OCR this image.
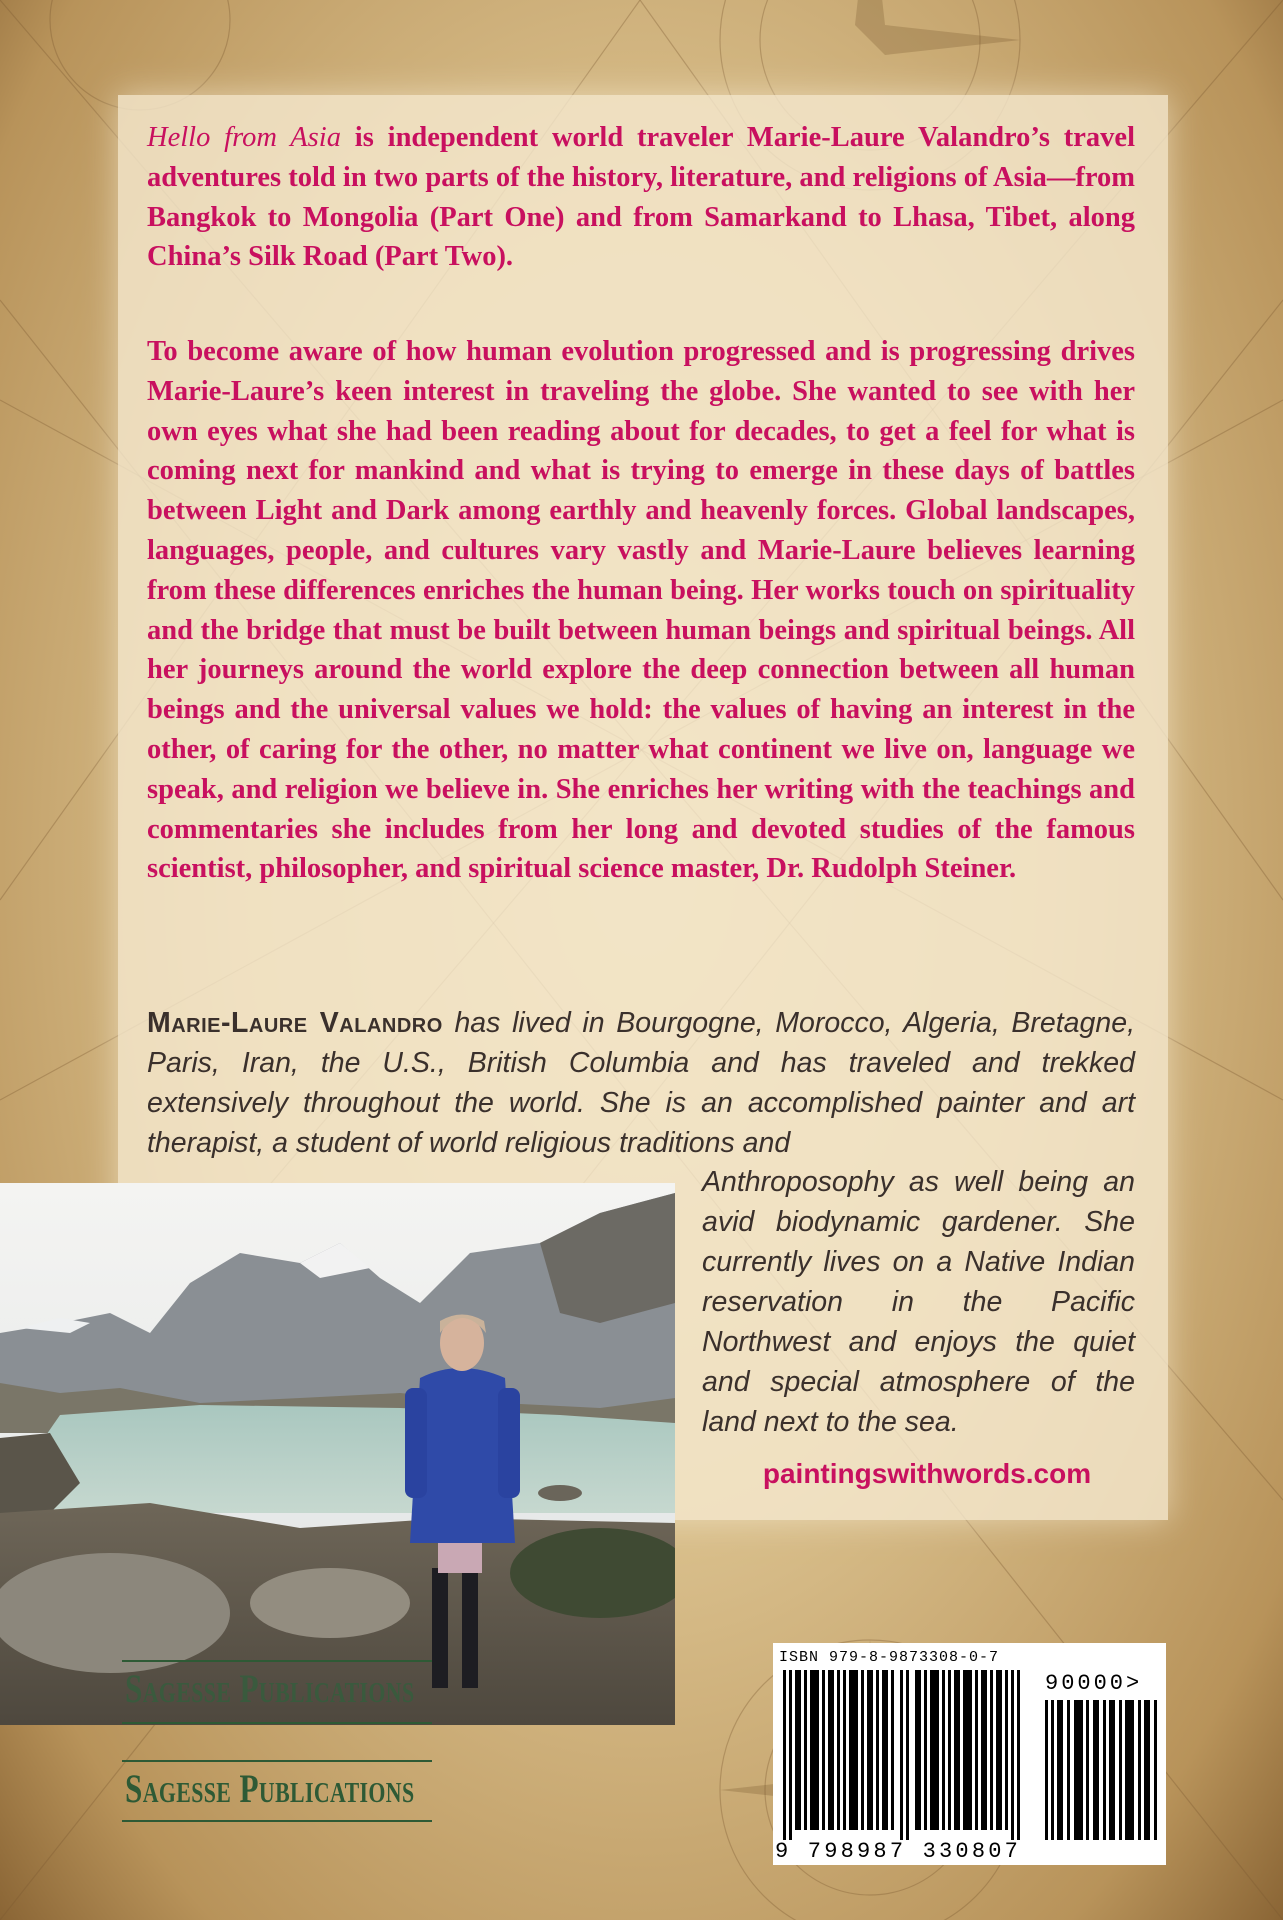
Hello from Asia is independent world traveler Marie-Laure Valandro’s travel adventures told in two parts of the history, literature, and religions of Asia—from Bangkok to Mongolia (Part One) and from Samarkand to Lhasa, Tibet, along China’s Silk Road (Part Two).

To become aware of how human evolution progressed and is progressing drives Marie-Laure’s keen interest in traveling the globe. She wanted to see with her own eyes what she had been reading about for decades, to get a feel for what is coming next for mankind and what is trying to emerge in these days of battles between Light and Dark among earthly and heavenly forces. Global landscapes, languages, people, and cultures vary vastly and Marie-Laure believes learning from these differences enriches the human being. Her works touch on spirituality and the bridge that must be built between human beings and spiritual beings. All her journeys around the world explore the deep connection between all human beings and the universal values we hold: the values of having an interest in the other, of caring for the other, no matter what continent we live on, language we speak, and religion we believe in. She enriches her writing with the teachings and commentaries she includes from her long and devoted studies of the famous scientist, philosopher, and spiritual science master, Dr. Rudolph Steiner.

Marie-Laure Valandro has lived in Bourgogne, Morocco, Algeria, Bretagne, Paris, Iran, the U.S., British Columbia and has traveled and trekked extensively throughout the world. She is an accomplished painter and art therapist, a student of world religious traditions and

Anthroposophy as well being an avid biodynamic gardener. She currently lives on a Native Indian reservation in the Pacific Northwest and enjoys the quiet and special atmosphere of the land next to the sea.

paintingswithwords.com
Sagesse Publications
Sagesse Publications
ISBN 979-8-9873308-0-7
90000>
9 798987 330807
